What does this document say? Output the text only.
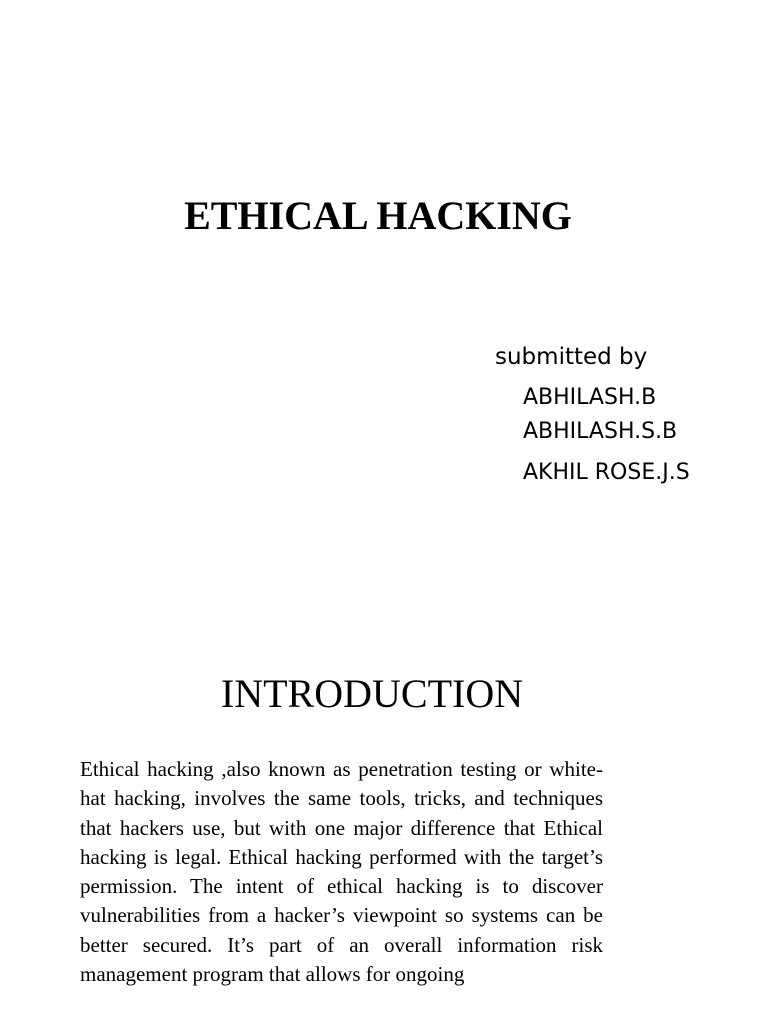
ETHICAL HACKING
submitted by
ABHILASH.B
ABHILASH.S.B
AKHIL ROSE.J.S
INTRODUCTION

Ethical hacking ,also known as penetration testing or white-hat hacking, involves the same tools, tricks, and techniques that hackers use, but with one major difference that Ethical hacking is legal. Ethical hacking performed with the target’s permission. The intent of ethical hacking is to discover vulnerabilities from a hacker’s viewpoint so systems can be better secured. It’s part of an overall information risk management program that allows for ongoing
